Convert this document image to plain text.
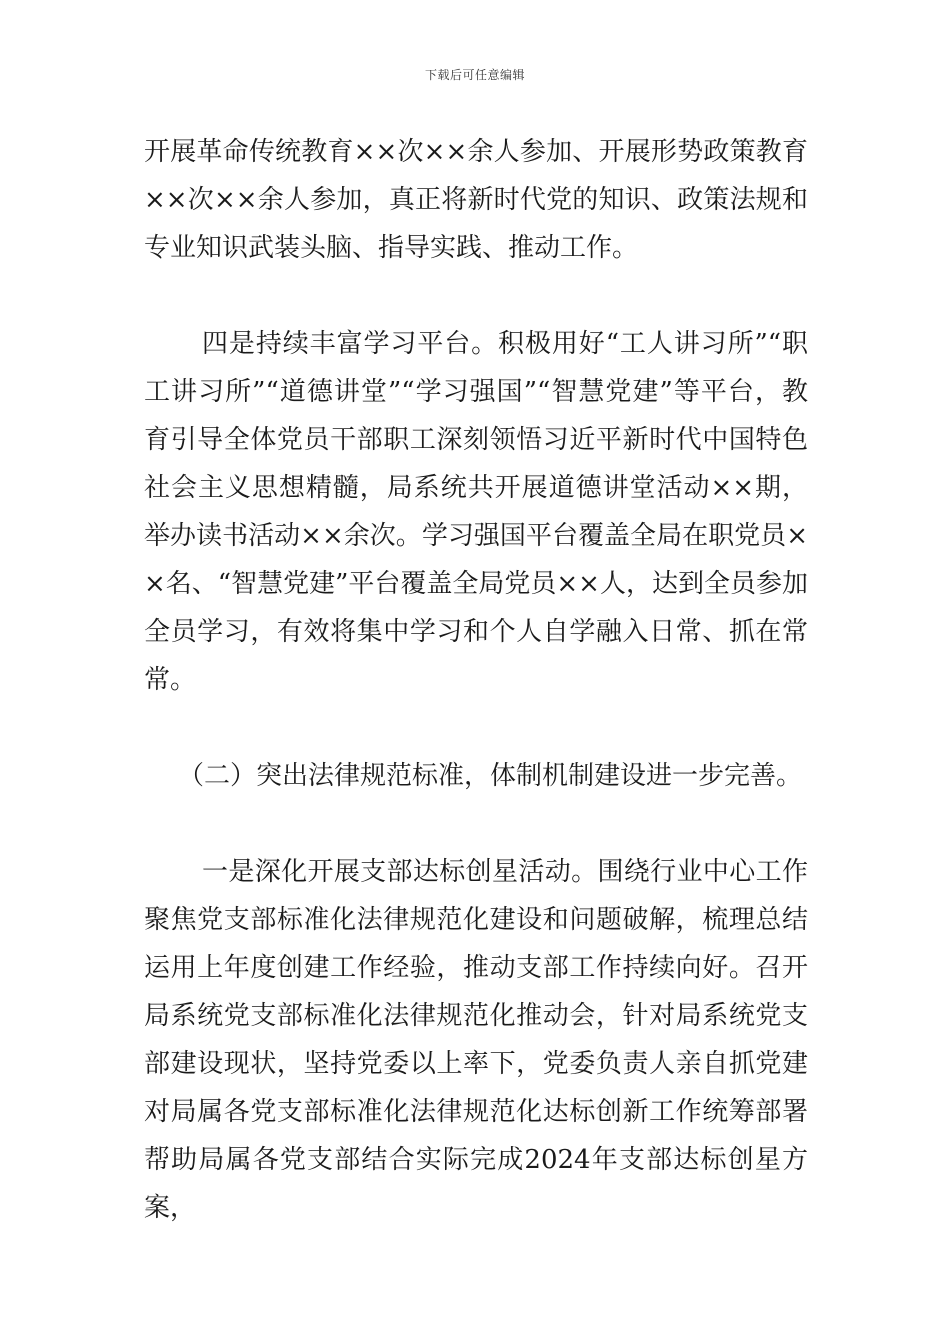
下载后可任意编辑

开展革命传统教育××次××余人参加、开展形势政策教育××次××余人参加，真正将新时代党的知识、政策法规和专业知识武装头脑、指导实践、推动工作。

四是持续丰富学习平台。积极用好“工人讲习所”“职工讲习所”“道德讲堂”“学习强国”“智慧党建”等平台，教育引导全体党员干部职工深刻领悟习近平新时代中国特色社会主义思想精髓，局系统共开展道德讲堂活动××期，举办读书活动××余次。学习强国平台覆盖全局在职党员××名、“智慧党建”平台覆盖全局党员××人，达到全员参加全员学习，有效将集中学习和个人自学融入日常、抓在常常。

（二）突出法律规范标准，体制机制建设进一步完善。

一是深化开展支部达标创星活动。围绕行业中心工作聚焦党支部标准化法律规范化建设和问题破解，梳理总结运用上年度创建工作经验，推动支部工作持续向好。召开局系统党支部标准化法律规范化推动会，针对局系统党支部建设现状，坚持党委以上率下，党委负责人亲自抓党建对局属各党支部标准化法律规范化达标创新工作统筹部署帮助局属各党支部结合实际完成2024年支部达标创星方案，
